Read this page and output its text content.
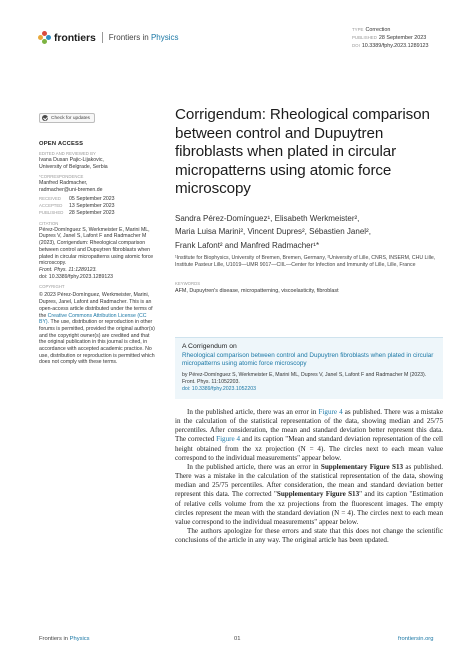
frontiers Frontiers in Physics
TYPE Correction
PUBLISHED 28 September 2023
DOI 10.3389/fphy.2023.1289123
Check for updates
OPEN ACCESS
EDITED AND REVIEWED BY
Ivana Dusan Pajic-Lijakovic,
University of Belgrade, Serbia
*CORRESPONDENCE
Manfred Radmacher,
radmacher@uni-bremen.de
RECEIVED 05 September 2023
ACCEPTED 13 September 2023
PUBLISHED 28 September 2023
CITATION
Pérez-Domínguez S, Werkmeister E, Marini ML, Dupres V, Janel S, Lafont F and Radmacher M (2023), Corrigendum: Rheological comparison between control and Dupuytren fibroblasts when plated in circular micropatterns using atomic force microscopy.
Front. Phys. 11:1289123.
doi: 10.3389/fphy.2023.1289123
COPYRIGHT
© 2023 Pérez-Domínguez, Werkmeister, Marini, Dupres, Janel, Lafont and Radmacher. This is an open-access article distributed under the terms of the Creative Commons Attribution License (CC BY). The use, distribution or reproduction in other forums is permitted, provided the original author(s) and the copyright owner(s) are credited and that the original publication in this journal is cited, in accordance with accepted academic practice. No use, distribution or reproduction is permitted which does not comply with these terms.
Corrigendum: Rheological comparison between control and Dupuytren fibroblasts when plated in circular micropatterns using atomic force microscopy
Sandra Pérez-Domínguez¹, Elisabeth Werkmeister²,
Maria Luisa Marini², Vincent Dupres², Sébastien Janel²,
Frank Lafont² and Manfred Radmacher¹*
¹Institute for Biophysics, University of Bremen, Bremen, Germany, ²University of Lille, CNRS, INSERM, CHU Lille, Institute Pasteur Lille, U1019—UMR 9017—CIIL—Center for Infection and Immunity of Lille, Lille, France
KEYWORDS
AFM, Dupuytren's disease, micropatterning, viscoelasticity, fibroblast
A Corrigendum on
Rheological comparison between control and Dupuytren fibroblasts when plated in circular micropatterns using atomic force microscopy
by Pérez-Domínguez S, Werkmeister E, Marini ML, Dupres V, Janel S, Lafont F and Radmacher M (2023). Front. Phys. 11:1052203.
doi: 10.3389/fphy.2023.1052203

In the published article, there was an error in Figure 4 as published. There was a mistake in the calculation of the statistical representation of the data, showing median and 25/75 percentiles. After consideration, the mean and standard deviation better represent this data. The corrected Figure 4 and its caption "Mean and standard deviation representation of the cell height obtained from the xz projection (N = 4). The circles next to each mean value correspond to the individual measurements" appear below.

In the published article, there was an error in Supplementary Figure S13 as published. There was a mistake in the calculation of the statistical representation of the data, showing median and 25/75 percentiles. After consideration, the mean and standard deviation better represent this data. The corrected "Supplementary Figure S13" and its caption "Estimation of relative cells volume from the xz projections from the fluorescent images. The empty circles represent the mean with the standard deviation (N = 4). The circles next to each mean value correspond to the individual measurements" appear below.

The authors apologize for these errors and state that this does not change the scientific conclusions of the article in any way. The original article has been updated.

Frontiers in Physics	01	frontiersin.org
